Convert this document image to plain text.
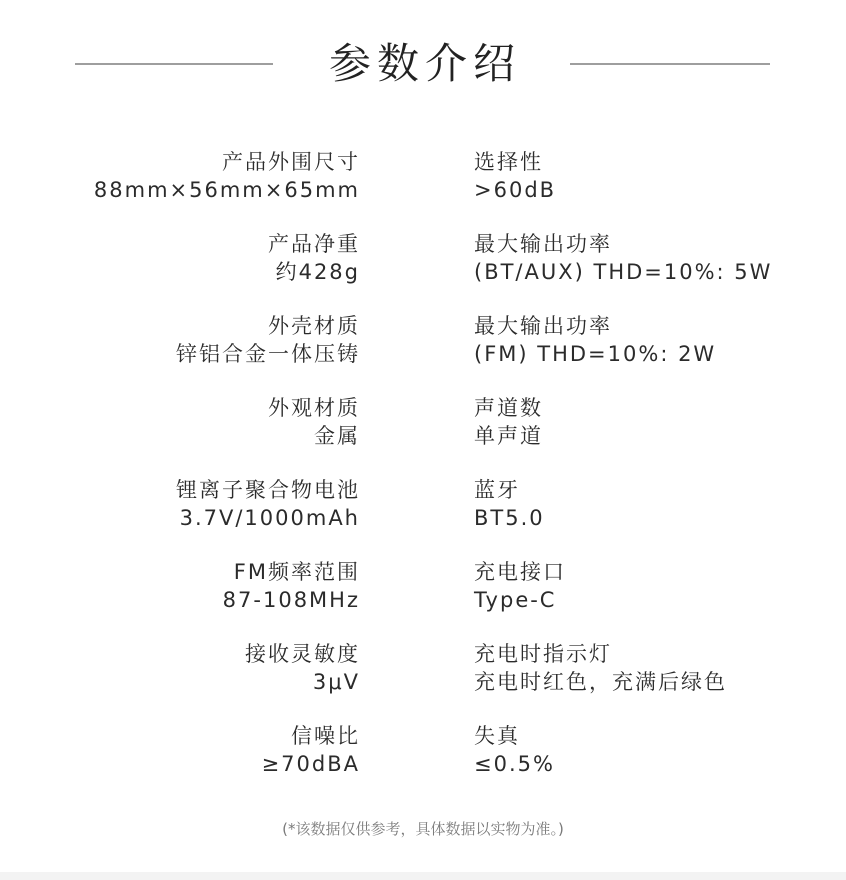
参数介绍
产品外围尺寸
88mm×56mm×65mm
选择性
>60dB
产品净重
约428g
最大输出功率
(BT/AUX) THD=10%: 5W
外壳材质
锌铝合金一体压铸
最大输出功率
(FM) THD=10%: 2W
外观材质
金属
声道数
单声道
锂离子聚合物电池
3.7V/1000mAh
蓝牙
BT5.0
FM频率范围
87-108MHz
充电接口
Type-C
接收灵敏度
3μV
充电时指示灯
充电时红色，充满后绿色
信噪比
≥70dBA
失真
≤0.5%
(*该数据仅供参考，具体数据以实物为准。)
